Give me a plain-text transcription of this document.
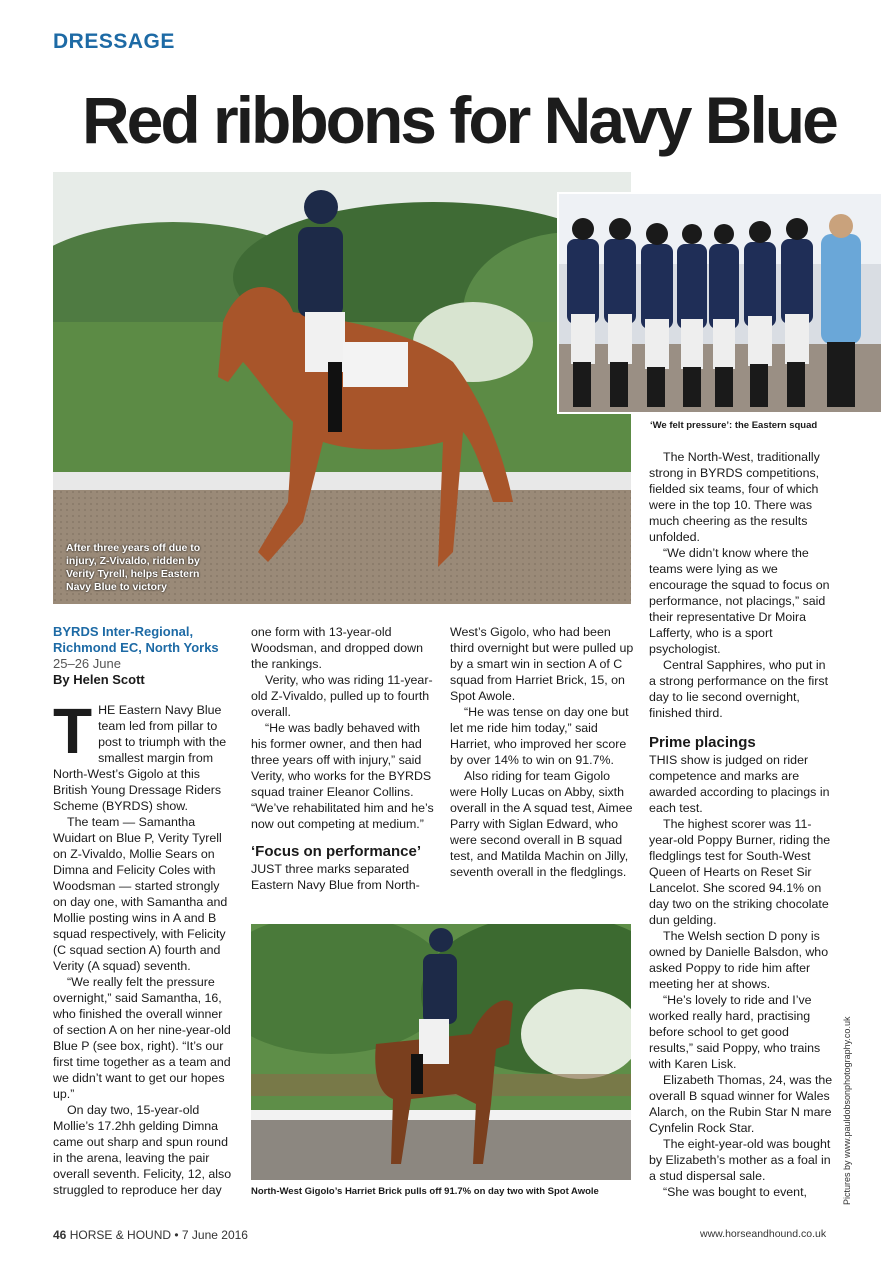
DRESSAGE
Red ribbons for Navy Blue
After three years off due to injury, Z-Vivaldo, ridden by Verity Tyrell, helps Eastern Navy Blue to victory
‘We felt pressure’: the Eastern squad
BYRDS Inter-Regional,
Richmond EC, North Yorks
25–26 June
By Helen Scott
T HE Eastern Navy Blue team led from pillar to post to triumph with the smallest margin from North-West’s Gigolo at this British Young Dressage Riders Scheme (BYRDS) show.

The team — Samantha Wuidart on Blue P, Verity Tyrell on Z-Vivaldo, Mollie Sears on Dimna and Felicity Coles with Woodsman — started strongly on day one, with Samantha and Mollie posting wins in A and B squad respectively, with Felicity (C squad section A) fourth and Verity (A squad) seventh.

“We really felt the pressure overnight,” said Samantha, 16, who finished the overall winner of section A on her nine-year-old Blue P (see box, right). “It’s our first time together as a team and we didn’t want to get our hopes up.”

On day two, 15-year-old Mollie’s 17.2hh gelding Dimna came out sharp and spun round in the arena, leaving the pair overall seventh. Felicity, 12, also struggled to reproduce her day

one form with 13-year-old Woodsman, and dropped down the rankings.

Verity, who was riding 11-year-old Z-Vivaldo, pulled up to fourth overall.

“He was badly behaved with his former owner, and then had three years off with injury,” said Verity, who works for the BYRDS squad trainer Eleanor Collins. “We’ve rehabilitated him and he’s now out competing at medium.”

‘Focus on performance’

JUST three marks separated Eastern Navy Blue from North-

West’s Gigolo, who had been third overnight but were pulled up by a smart win in section A of C squad from Harriet Brick, 15, on Spot Awole.

“He was tense on day one but let me ride him today,” said Harriet, who improved her score by over 14% to win on 91.7%.

Also riding for team Gigolo were Holly Lucas on Abby, sixth overall in the A squad test, Aimee Parry with Siglan Edward, who were second overall in B squad test, and Matilda Machin on Jilly, seventh overall in the fledglings.

North-West Gigolo’s Harriet Brick pulls off 91.7% on day two with Spot Awole

The North-West, traditionally strong in BYRDS competitions, fielded six teams, four of which were in the top 10. There was much cheering as the results unfolded.

“We didn’t know where the teams were lying as we encourage the squad to focus on performance, not placings,” said their representative Dr Moira Lafferty, who is a sport psychologist.

Central Sapphires, who put in a strong performance on the first day to lie second overnight, finished third.

Prime placings

THIS show is judged on rider competence and marks are awarded according to placings in each test.

The highest scorer was 11-year-old Poppy Burner, riding the fledglings test for South-West Queen of Hearts on Reset Sir Lancelot. She scored 94.1% on day two on the striking chocolate dun gelding.

The Welsh section D pony is owned by Danielle Balsdon, who asked Poppy to ride him after meeting her at shows.

“He’s lovely to ride and I’ve worked really hard, practising before school to get good results,” said Poppy, who trains with Karen Lisk.

Elizabeth Thomas, 24, was the overall B squad winner for Wales Alarch, on the Rubin Star N mare Cynfelin Rock Star.

The eight-year-old was bought by Elizabeth’s mother as a foal in a stud dispersal sale.

“She was bought to event,	Pictures by www.pauldobsonphotography.co.uk
46 HORSE & HOUND • 7 June 2016	www.horseandhound.co.uk
